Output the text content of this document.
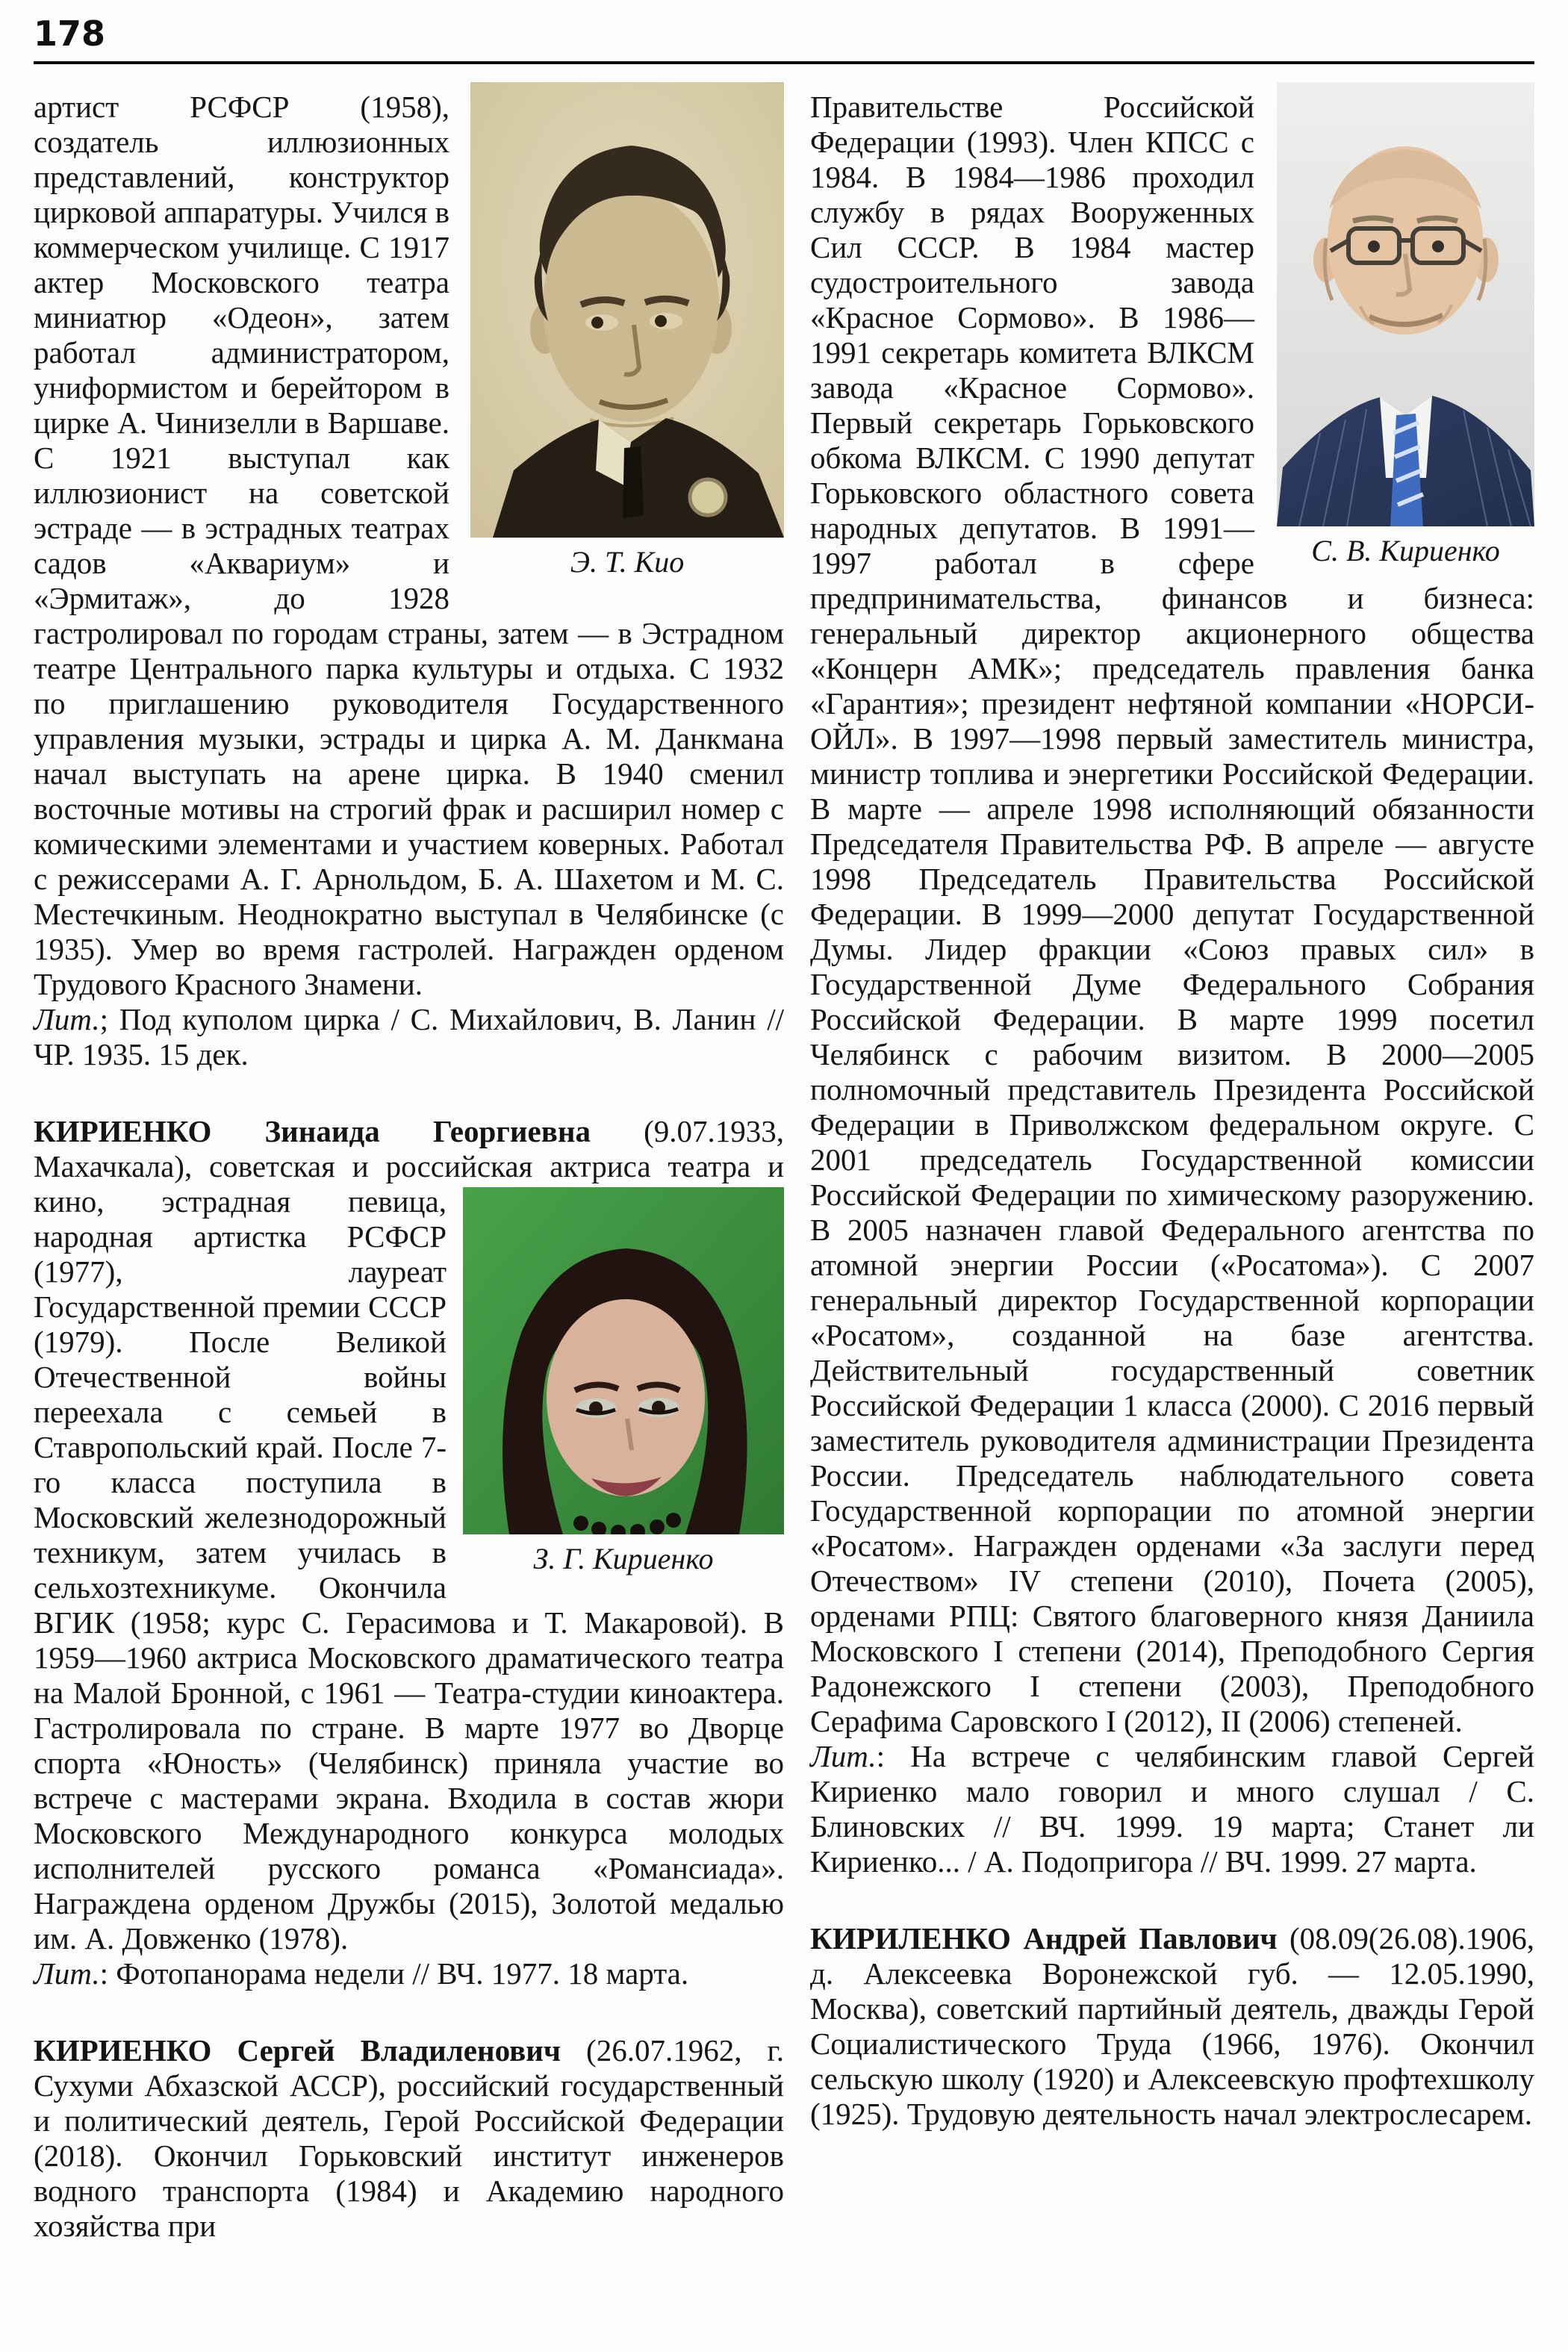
178
Э. Т. Кио
артист РСФСР (1958), создатель иллюзионных представлений, конструктор цирковой аппаратуры. Учился в коммерческом училище. С 1917 актер Московского театра миниатюр «Одеон», затем работал администратором, униформистом и берейтором в цирке А. Чинизелли в Варшаве. С 1921 выступал как иллюзионист на советской эстраде — в эстрадных театрах садов «Аквариум» и «Эрмитаж», до 1928 гастролировал по городам страны, затем — в Эстрадном театре Центрального парка культуры и отдыха. С 1932 по приглашению руководителя Государственного управления музыки, эстрады и цирка А. М. Данкмана начал выступать на арене цирка. В 1940 сменил восточные мотивы на строгий фрак и расширил номер с комическими элементами и участием коверных. Работал с режиссерами А. Г. Арнольдом, Б. А. Шахетом и М. С. Местечкиным. Неоднократно выступал в Челябинске (с 1935). Умер во время гастролей. Награжден орденом Трудового Красного Знамени.
Лит.; Под куполом цирка / С. Михайлович, В. Ланин // ЧР. 1935. 15 дек.
КИРИЕНКО Зинаида Георгиевна (9.07.1933, Махачкала), советская и российская актриса
З. Г. Кириенко
театра и кино, эстрадная певица, народная артистка РСФСР (1977), лауреат Государственной премии СССР (1979). После Великой Отечественной войны переехала с семьей в Ставропольский край. После 7-го класса поступила в Московский железнодорожный техникум, затем училась в сельхозтехникуме. Окончила ВГИК (1958; курс С. Герасимова и Т. Макаровой). В 1959—1960 актриса Московского драматического театра на Малой Бронной, с 1961 — Театра-студии киноактера. Гастролировала по стране. В марте 1977 во Дворце спорта «Юность» (Челябинск) приняла участие во встрече с мастерами экрана. Входила в состав жюри Московского Международного конкурса молодых исполнителей русского романса «Романсиада». Награждена орденом Дружбы (2015), Золотой медалью им. А. Довженко (1978).
Лит.: Фотопанорама недели // ВЧ. 1977. 18 марта.
КИРИЕНКО Сергей Владиленович (26.07.1962, г. Сухуми Абхазской АССР), российский государственный и политический деятель, Герой Российской Федерации (2018). Окончил Горьковский институт инженеров водного транспорта (1984) и Академию народного хозяйства при
С. В. Кириенко
Правительстве Российской Федерации (1993). Член КПСС с 1984. В 1984—1986 проходил службу в рядах Вооруженных Сил СССР. В 1984 мастер судостроительного завода «Красное Сормово». В 1986—1991 секретарь комитета ВЛКСМ завода «Красное Сормово». Первый секретарь Горьковского обкома ВЛКСМ. С 1990 депутат Горьковского областного совета народных депутатов. В 1991—1997 работал в сфере предпринимательства, финансов и бизнеса: генеральный директор акционерного общества «Концерн АМК»; председатель правления банка «Гарантия»; президент нефтяной компании «НОРСИ-ОЙЛ». В 1997—1998 первый заместитель министра, министр топлива и энергетики Российской Федерации. В марте — апреле 1998 исполняющий обязанности Председателя Правительства РФ. В апреле — августе 1998 Председатель Правительства Российской Федерации. В 1999—2000 депутат Государственной Думы. Лидер фракции «Союз правых сил» в Государственной Думе Федерального Собрания Российской Федерации. В марте 1999 посетил Челябинск с рабочим визитом. В 2000—2005 полномочный представитель Президента Российской Федерации в Приволжском федеральном округе. С 2001 председатель Государственной комиссии Российской Федерации по химическому разоружению. В 2005 назначен главой Федерального агентства по атомной энергии России («Росатома»). С 2007 генеральный директор Государственной корпорации «Росатом», созданной на базе агентства. Действительный государственный советник Российской Федерации 1 класса (2000). С 2016 первый заместитель руководителя администрации Президента России. Председатель наблюдательного совета Государственной корпорации по атомной энергии «Росатом». Награжден орденами «За заслуги перед Отечеством» IV степени (2010), Почета (2005), орденами РПЦ: Святого благоверного князя Даниила Московского I степени (2014), Преподобного Сергия Радонежского I степени (2003), Преподобного Серафима Саровского I (2012), II (2006) степеней.
Лит.: На встрече с челябинским главой Сергей Кириенко мало говорил и много слушал / С. Блиновских // ВЧ. 1999. 19 марта; Станет ли Кириенко... / А. Подопригора // ВЧ. 1999. 27 марта.
КИРИЛЕНКО Андрей Павлович (08.09(26.08).1906, д. Алексеевка Воронежской губ. — 12.05.1990, Москва), советский партийный деятель, дважды Герой Социалистического Труда (1966, 1976). Окончил сельскую школу (1920) и Алексеевскую профтехшколу (1925). Трудовую деятельность начал электрослесарем.
